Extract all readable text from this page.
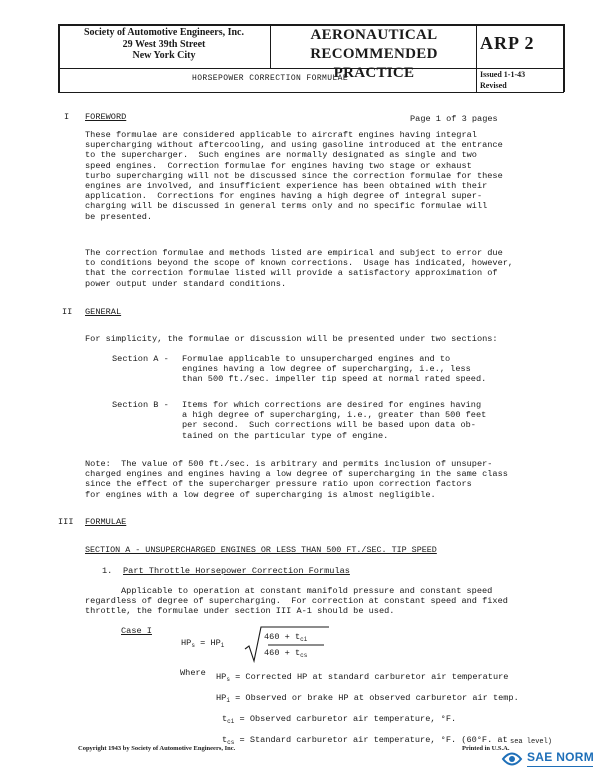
Society of Automotive Engineers, Inc.
29 West 39th Street
New York City
AERONAUTICAL
RECOMMENDED PRACTICE
ARP 2
HORSEPOWER CORRECTION FORMULAE	Issued 1-1-43
Revised
I FOREWORD	Page 1 of 3 pages
These formulae are considered applicable to aircraft engines having integral
supercharging without aftercooling, and using gasoline introduced at the entrance
to the supercharger.  Such engines are normally designated as single and two
speed engines.  Correction formulae for engines having two stage or exhaust
turbo supercharging will not be discussed since the correction formulae for these
engines are involved, and insufficient experience has been obtained with their
application.  Corrections for engines having a high degree of integral super-
charging will be discussed in general terms only and no specific formulae will
be presented.
The correction formulae and methods listed are empirical and subject to error due
to conditions beyond the scope of known corrections.  Usage has indicated, however,
that the correction formulae listed will provide a satisfactory approximation of
power output under standard conditions.
II GENERAL
For simplicity, the formulae or discussion will be presented under two sections:
Section A - Formulae applicable to unsupercharged engines and to
engines having a low degree of supercharging, i.e., less
than 500 ft./sec. impeller tip speed at normal rated speed.
Section B - Items for which corrections are desired for engines having
a high degree of supercharging, i.e., greater than 500 feet
per second.  Such corrections will be based upon data ob-
tained on the particular type of engine.
Note:  The value of 500 ft./sec. is arbitrary and permits inclusion of unsuper-
charged engines and engines having a low degree of supercharging in the same class
since the effect of the supercharger pressure ratio upon correction factors
for engines with a low degree of supercharging is almost negligible.
III FORMULAE
SECTION A - UNSUPERCHARGED ENGINES OR LESS THAN 500 FT./SEC. TIP SPEED
1. Part Throttle Horsepower Correction Formulas
Applicable to operation at constant manifold pressure and constant speed
regardless of degree of supercharging.  For correction at constant speed and fixed
throttle, the formulae under section III A-1 should be used.
Case I
$HP_s = HP_i$
$460 + t_{ci}$
$460 + t_{cs}$
Where $HP_s$ = Corrected HP at standard carburetor air temperature
$HP_i$ = Observed or brake HP at observed carburetor air temp.
$t_{ci}$ = Observed carburetor air temperature, °F.
$t_{cs}$ = Standard carburetor air temperature, °F. (60°F. at sea level)
Copyright 1943 by Society of Automotive Engineers, Inc.	Printed in U.S.A.
SAE NORM
